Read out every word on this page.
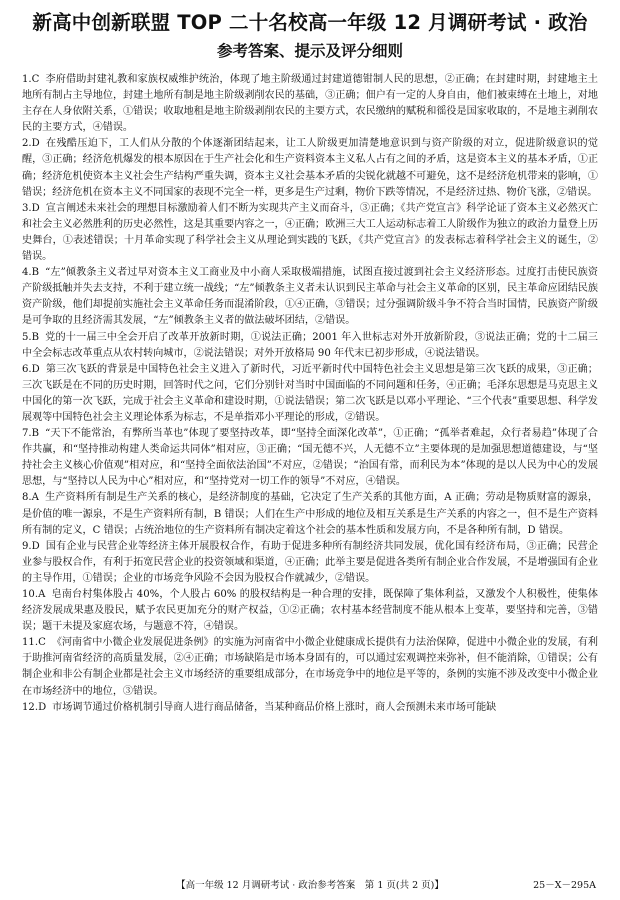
新高中创新联盟 TOP 二十名校高一年级 12 月调研考试 · 政治
参考答案、提示及评分细则

1.C 李府借助封建礼教和家族权威维护统治，体现了地主阶级通过封建道德钳制人民的思想，②正确；在封建时期，封建地主土地所有制占主导地位，封建土地所有制是地主阶级剥削农民的基础，③正确；佃户有一定的人身自由，他们被束缚在土地上，对地主存在人身依附关系，①错误；收取地租是地主阶级剥削农民的主要方式，农民缴纳的赋税和徭役是国家收取的，不是地主剥削农民的主要方式，④错误。

2.D 在残酷压迫下，工人们从分散的个体逐渐团结起来，让工人阶级更加清楚地意识到与资产阶级的对立，促进阶级意识的觉醒，③正确；经济危机爆发的根本原因在于生产社会化和生产资料资本主义私人占有之间的矛盾，这是资本主义的基本矛盾，①正确；经济危机使资本主义社会生产结构严重失调，资本主义社会基本矛盾的尖锐化就越不可避免，这不是经济危机带来的影响，①错误；经济危机在资本主义不同国家的表现不完全一样，更多是生产过剩，物价下跌等情况，不是经济过热、物价飞涨，②错误。

3.D 宣言阐述未来社会的理想目标激励着人们不断为实现共产主义而奋斗，③正确；《共产党宣言》科学论证了资本主义必然灭亡和社会主义必然胜利的历史必然性，这是其重要内容之一，④正确；欧洲三大工人运动标志着工人阶级作为独立的政治力量登上历史舞台，①表述错误；十月革命实现了科学社会主义从理论到实践的飞跃，《共产党宣言》的发表标志着科学社会主义的诞生，②错误。

4.B “左”倾教条主义者过早对资本主义工商业及中小商人采取极端措施，试图直接过渡到社会主义经济形态。过度打击使民族资产阶级抵触并失去支持，不利于建立统一战线；“左”倾教条主义者未认识到民主革命与社会主义革命的区别，民主革命应团结民族资产阶级，他们却提前实施社会主义革命任务而混淆阶段，①④正确，③错误；过分强调阶级斗争不符合当时国情，民族资产阶级是可争取的且经济需其发展，“左”倾教条主义者的做法破坏团结，②错误。

5.B 党的十一届三中全会开启了改革开放新时期，①说法正确；2001 年入世标志对外开放新阶段，③说法正确；党的十二届三中全会标志改革重点从农村转向城市，②说法错误；对外开放格局 90 年代末已初步形成，④说法错误。

6.D 第三次飞跃的背景是中国特色社会主义进入了新时代，习近平新时代中国特色社会主义思想是第三次飞跃的成果，③正确；三次飞跃是在不同的历史时期，回答时代之问，它们分别针对当时中国面临的不同问题和任务，④正确；毛泽东思想是马克思主义中国化的第一次飞跃，完成于社会主义革命和建设时期，①说法错误；第二次飞跃是以邓小平理论、“三个代表”重要思想、科学发展观等中国特色社会主义理论体系为标志，不是单指邓小平理论的形成，②错误。

7.B “天下不能常治，有弊所当革也”体现了要坚持改革，即“坚持全面深化改革”，①正确；“孤举者难起，众行者易趋”体现了合作共赢，和“坚持推动构建人类命运共同体”相对应，③正确；“国无德不兴，人无德不立”主要体现的是加强思想道德建设，与“坚持社会主义核心价值观”相对应，和“坚持全面依法治国”不对应，②错误；“治国有常，而利民为本”体现的是以人民为中心的发展思想，与“坚持以人民为中心”相对应，和“坚持党对一切工作的领导”不对应，④错误。

8.A 生产资料所有制是生产关系的核心，是经济制度的基础，它决定了生产关系的其他方面，A 正确；劳动是物质财富的源泉，是价值的唯一源泉，不是生产资料所有制，B 错误；人们在生产中形成的地位及相互关系是生产关系的内容之一，但不是生产资料所有制的定义，C 错误；占统治地位的生产资料所有制决定着这个社会的基本性质和发展方向，不是各种所有制，D 错误。

9.D 国有企业与民营企业等经济主体开展股权合作，有助于促进多种所有制经济共同发展，优化国有经济布局，③正确；民营企业参与股权合作，有利于拓宽民营企业的投资领域和渠道，④正确；此举主要是促进各类所有制企业合作发展，不是增强国有企业的主导作用，①错误；企业的市场竞争风险不会因为股权合作就减少，②错误。

10.A 皂南台村集体股占 40%，个人股占 60% 的股权结构是一种合理的安排，既保障了集体利益，又激发个人积极性，使集体经济发展成果惠及股民，赋予农民更加充分的财产权益，①②正确；农村基本经营制度不能从根本上变革，要坚持和完善，③错误；题干未提及家庭农场，与题意不符，④错误。

11.C 《河南省中小微企业发展促进条例》的实施为河南省中小微企业健康成长提供有力法治保障，促进中小微企业的发展，有利于助推河南省经济的高质量发展，②④正确；市场缺陷是市场本身固有的，可以通过宏观调控来弥补，但不能消除，①错误；公有制企业和非公有制企业都是社会主义市场经济的重要组成部分，在市场竞争中的地位是平等的，条例的实施不涉及改变中小微企业在市场经济中的地位，③错误。

12.D 市场调节通过价格机制引导商人进行商品储备，当某种商品价格上涨时，商人会预测未来市场可能缺

【高一年级 12 月调研考试 · 政治参考答案　第 1 页(共 2 页)】	25－X－295A
